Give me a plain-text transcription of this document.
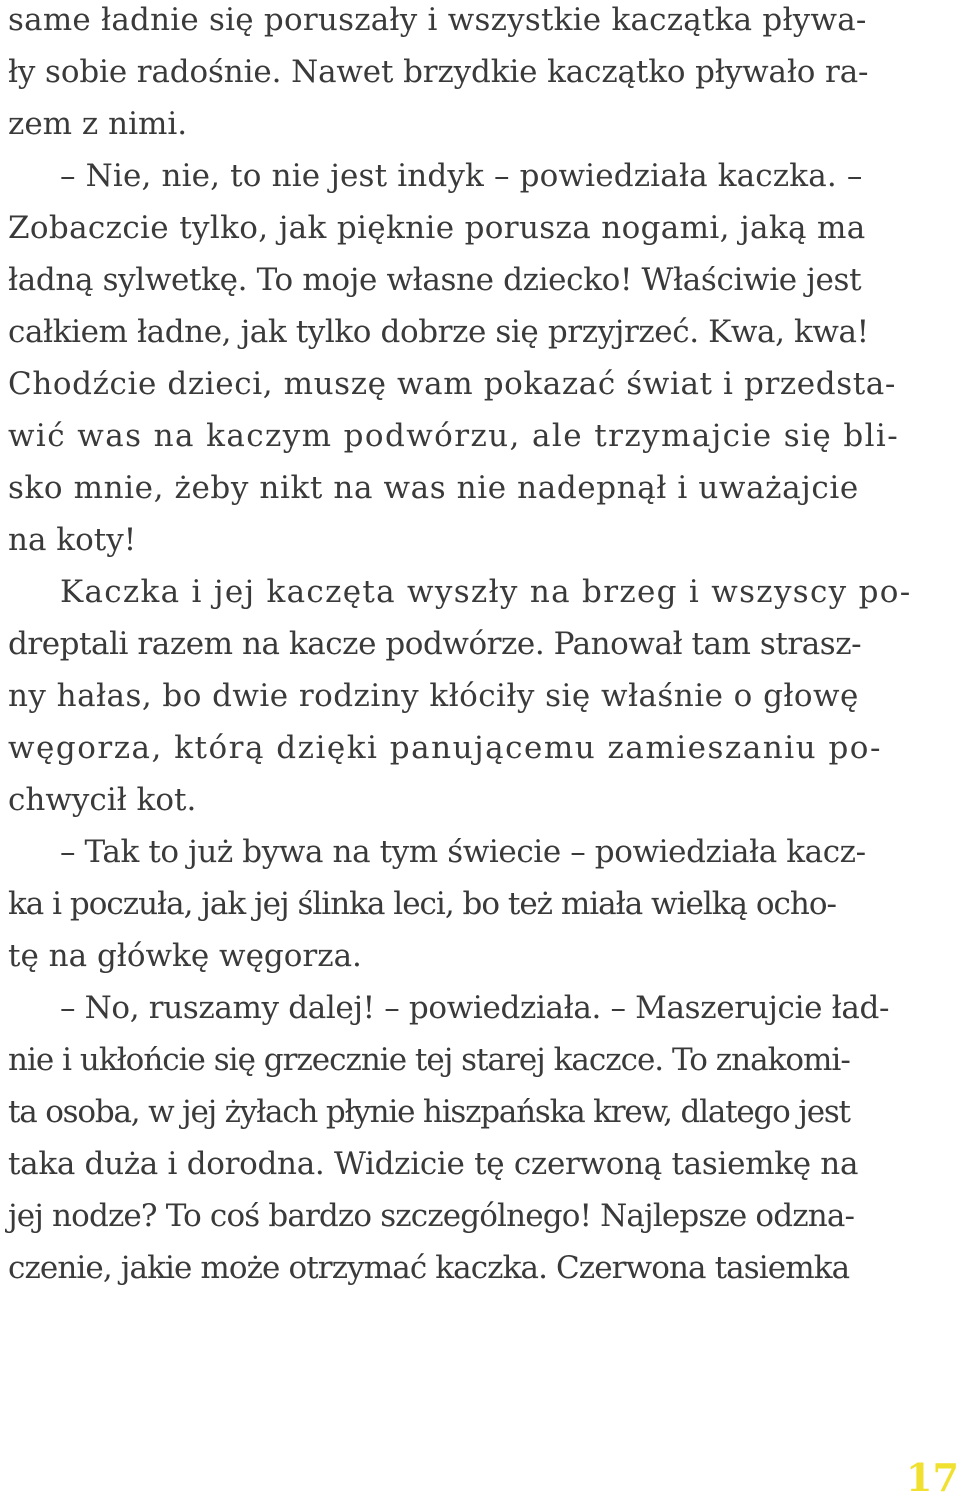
same ładnie się poruszały i wszystkie kaczątka pływa-
ły sobie radośnie. Nawet brzydkie kaczątko pływało ra-
zem z nimi.
– Nie, nie, to nie jest indyk – powiedziała kaczka. –
Zobaczcie tylko, jak pięknie porusza nogami, jaką ma
ładną sylwetkę. To moje własne dziecko! Właściwie jest
całkiem ładne, jak tylko dobrze się przyjrzeć. Kwa, kwa!
Chodźcie dzieci, muszę wam pokazać świat i przedsta-
wić was na kaczym podwórzu, ale trzymajcie się bli-
sko mnie, żeby nikt na was nie nadepnął i uważajcie
na koty!
Kaczka i jej kaczęta wyszły na brzeg i wszyscy po-
dreptali razem na kacze podwórze. Panował tam strasz-
ny hałas, bo dwie rodziny kłóciły się właśnie o głowę
węgorza, którą dzięki panującemu zamieszaniu po-
chwycił kot.
– Tak to już bywa na tym świecie – powiedziała kacz-
ka i poczuła, jak jej ślinka leci, bo też miała wielką ocho-
tę na główkę węgorza.
– No, ruszamy dalej! – powiedziała. – Maszerujcie ład-
nie i ukłońcie się grzecznie tej starej kaczce. To znakomi-
ta osoba, w jej żyłach płynie hiszpańska krew, dlatego jest
taka duża i dorodna. Widzicie tę czerwoną tasiemkę na
jej nodze? To coś bardzo szczególnego! Najlepsze odzna-
czenie, jakie może otrzymać kaczka. Czerwona tasiemka
17
